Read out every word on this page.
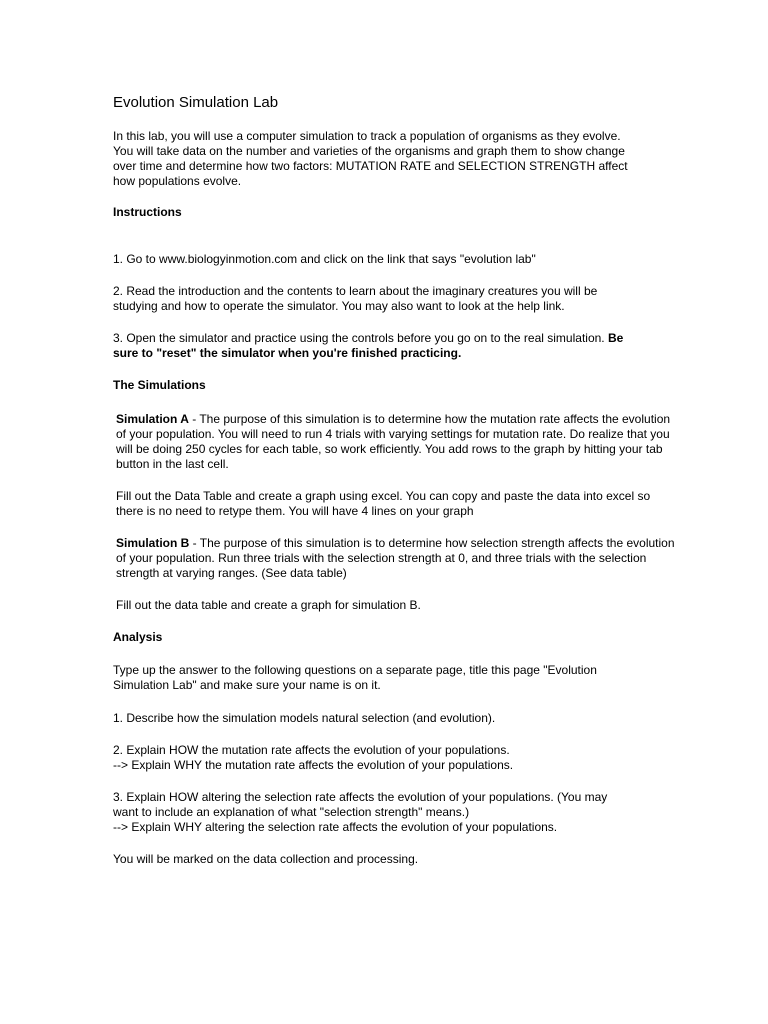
Evolution Simulation Lab

In this lab, you will use a computer simulation to track a population of organisms as they evolve.
You will take data on the number and varieties of the organisms and graph them to show change
over time and determine how two factors: MUTATION RATE and SELECTION STRENGTH affect
how populations evolve.

Instructions

1. Go to www.biologyinmotion.com and click on the link that says "evolution lab"

2. Read the introduction and the contents to learn about the imaginary creatures you will be
studying and how to operate the simulator. You may also want to look at the help link.

3. Open the simulator and practice using the controls before you go on to the real simulation. Be
sure to "reset" the simulator when you're finished practicing.

The Simulations

Simulation A - The purpose of this simulation is to determine how the mutation rate affects the evolution
of your population. You will need to run 4 trials with varying settings for mutation rate. Do realize that you
will be doing 250 cycles for each table, so work efficiently. You add rows to the graph by hitting your tab
button in the last cell.

Fill out the Data Table and create a graph using excel. You can copy and paste the data into excel so
there is no need to retype them. You will have 4 lines on your graph

Simulation B - The purpose of this simulation is to determine how selection strength affects the evolution
of your population. Run three trials with the selection strength at 0, and three trials with the selection
strength at varying ranges. (See data table)

Fill out the data table and create a graph for simulation B.

Analysis

Type up the answer to the following questions on a separate page, title this page "Evolution
Simulation Lab" and make sure your name is on it.

1. Describe how the simulation models natural selection (and evolution).

2. Explain HOW the mutation rate affects the evolution of your populations.
--> Explain WHY the mutation rate affects the evolution of your populations.

3. Explain HOW altering the selection rate affects the evolution of your populations. (You may
want to include an explanation of what "selection strength" means.)
--> Explain WHY altering the selection rate affects the evolution of your populations.

You will be marked on the data collection and processing.
